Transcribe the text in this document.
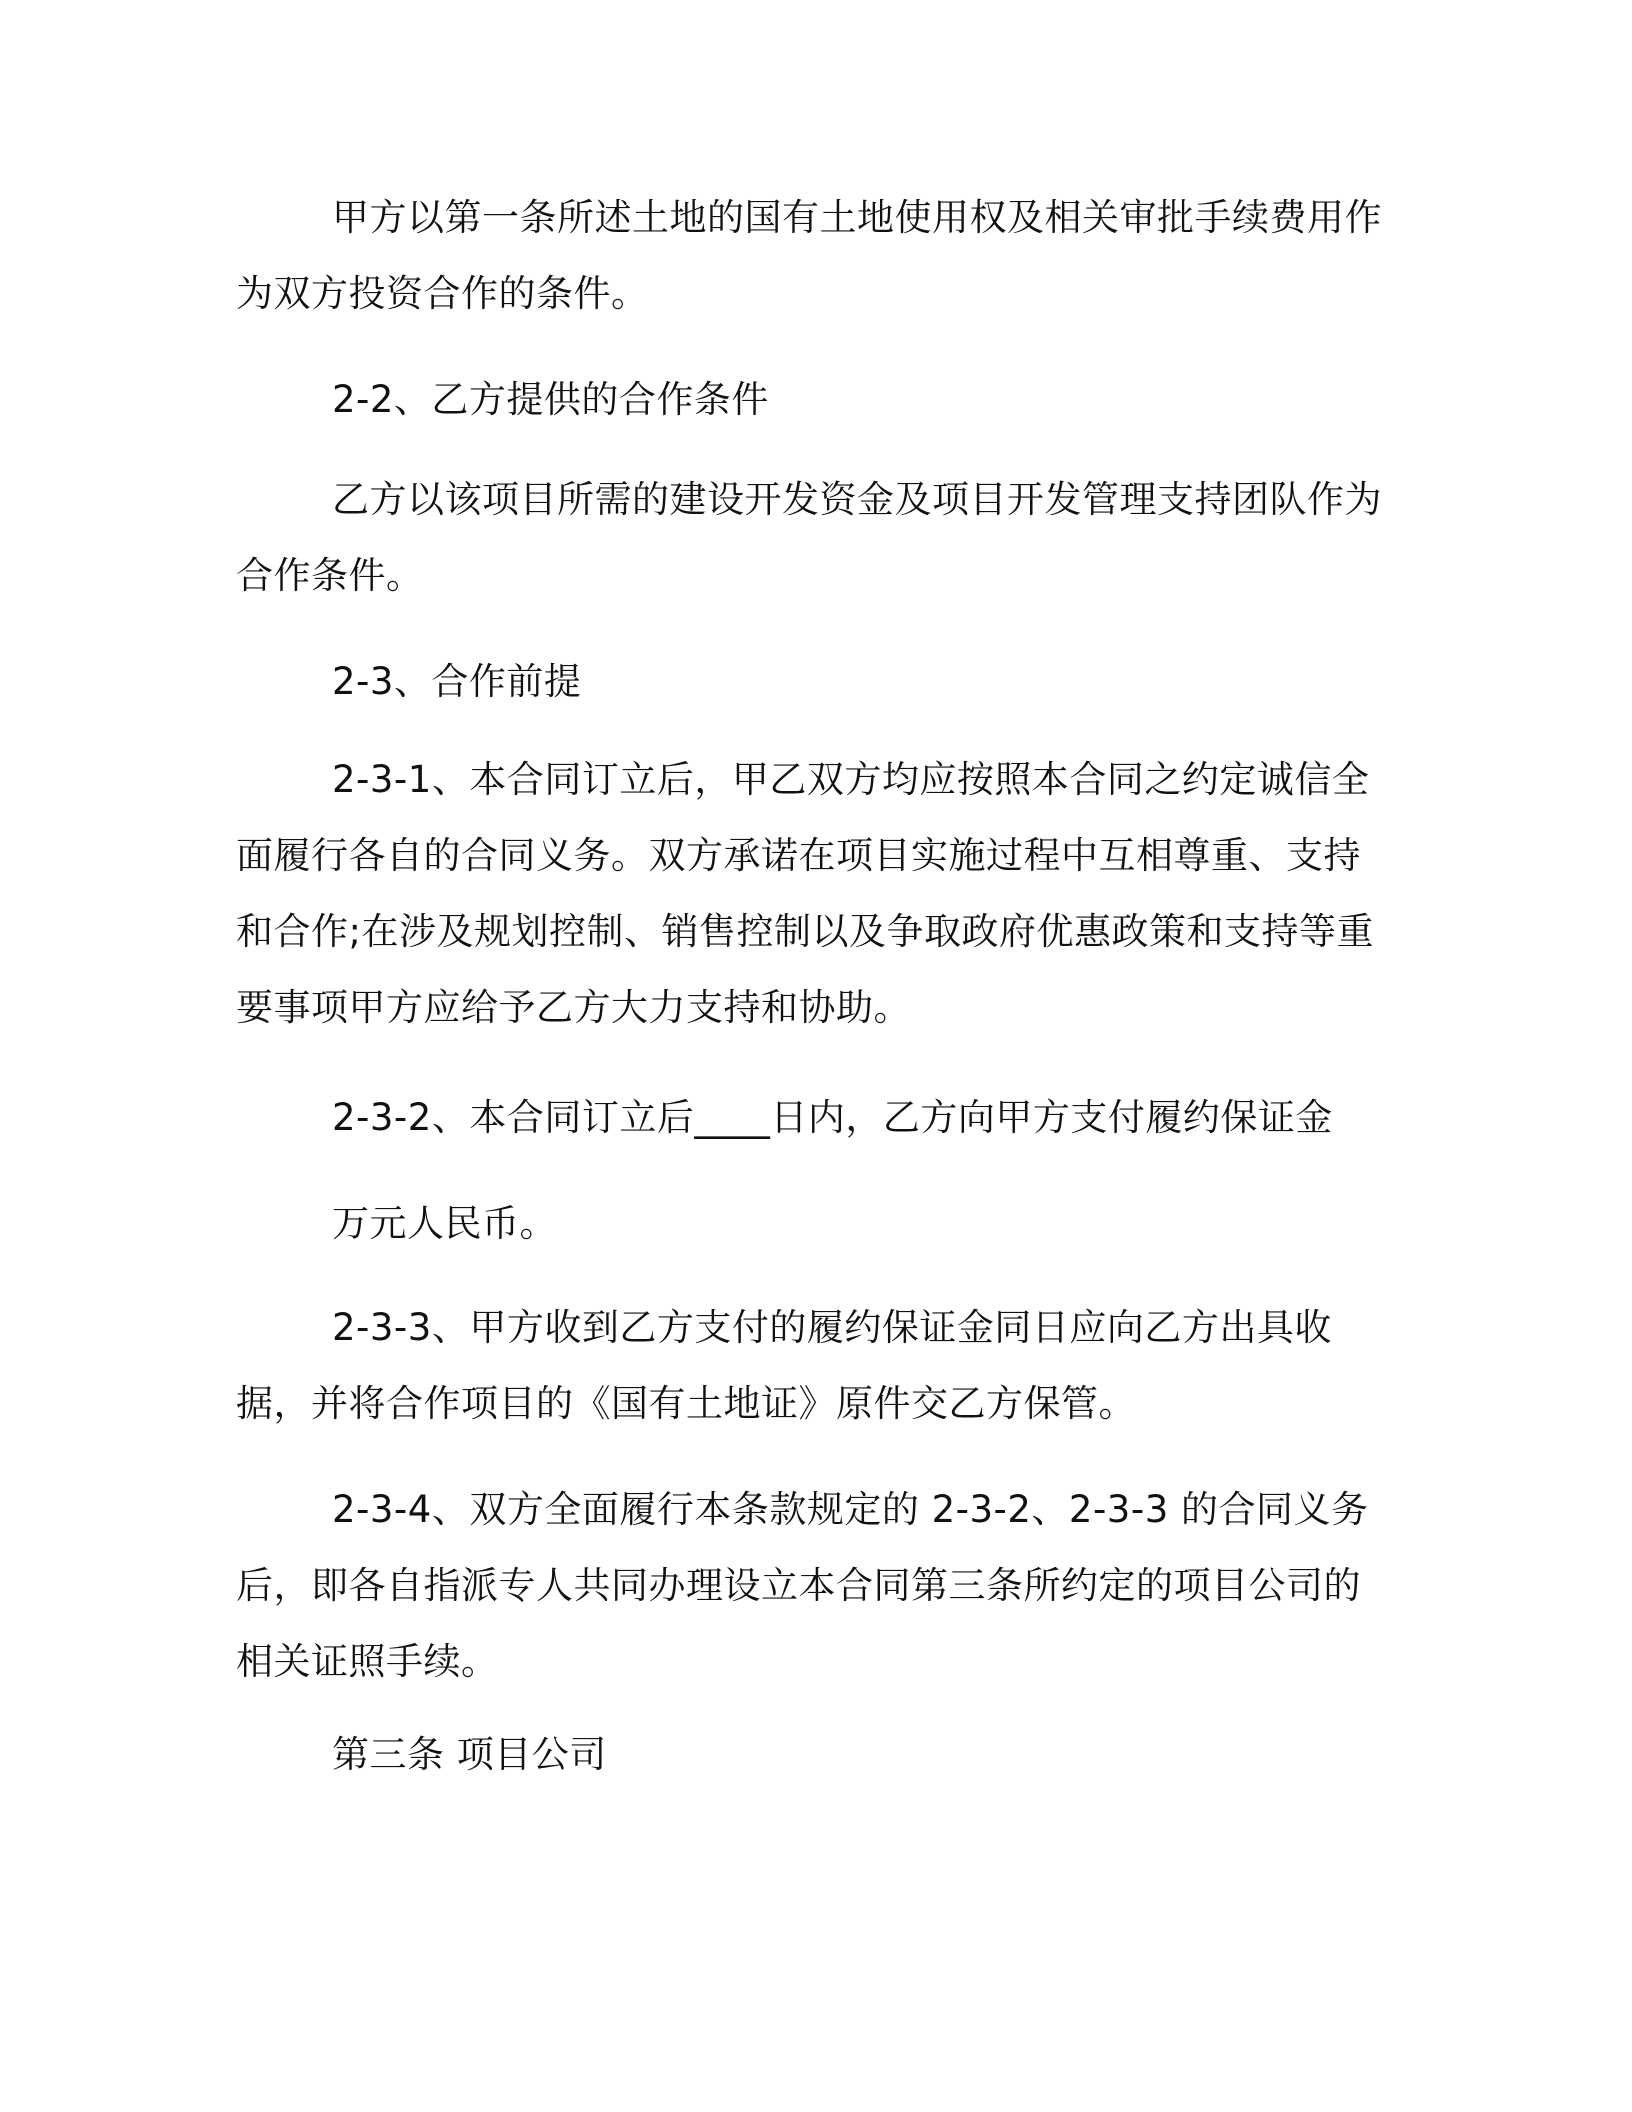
甲方以第一条所述土地的国有土地使用权及相关审批手续费用作为双方投资合作的条件。

2-2、乙方提供的合作条件

乙方以该项目所需的建设开发资金及项目开发管理支持团队作为合作条件。

2-3、合作前提

2-3-1、本合同订立后，甲乙双方均应按照本合同之约定诚信全面履行各自的合同义务。双方承诺在项目实施过程中互相尊重、支持和合作;在涉及规划控制、销售控制以及争取政府优惠政策和支持等重要事项甲方应给予乙方大力支持和协助。

2-3-2、本合同订立后____日内，乙方向甲方支付履约保证金

万元人民币。

2-3-3、甲方收到乙方支付的履约保证金同日应向乙方出具收据，并将合作项目的《国有土地证》原件交乙方保管。

2-3-4、双方全面履行本条款规定的 2-3-2、2-3-3 的合同义务后，即各自指派专人共同办理设立本合同第三条所约定的项目公司的相关证照手续。

第三条 项目公司
